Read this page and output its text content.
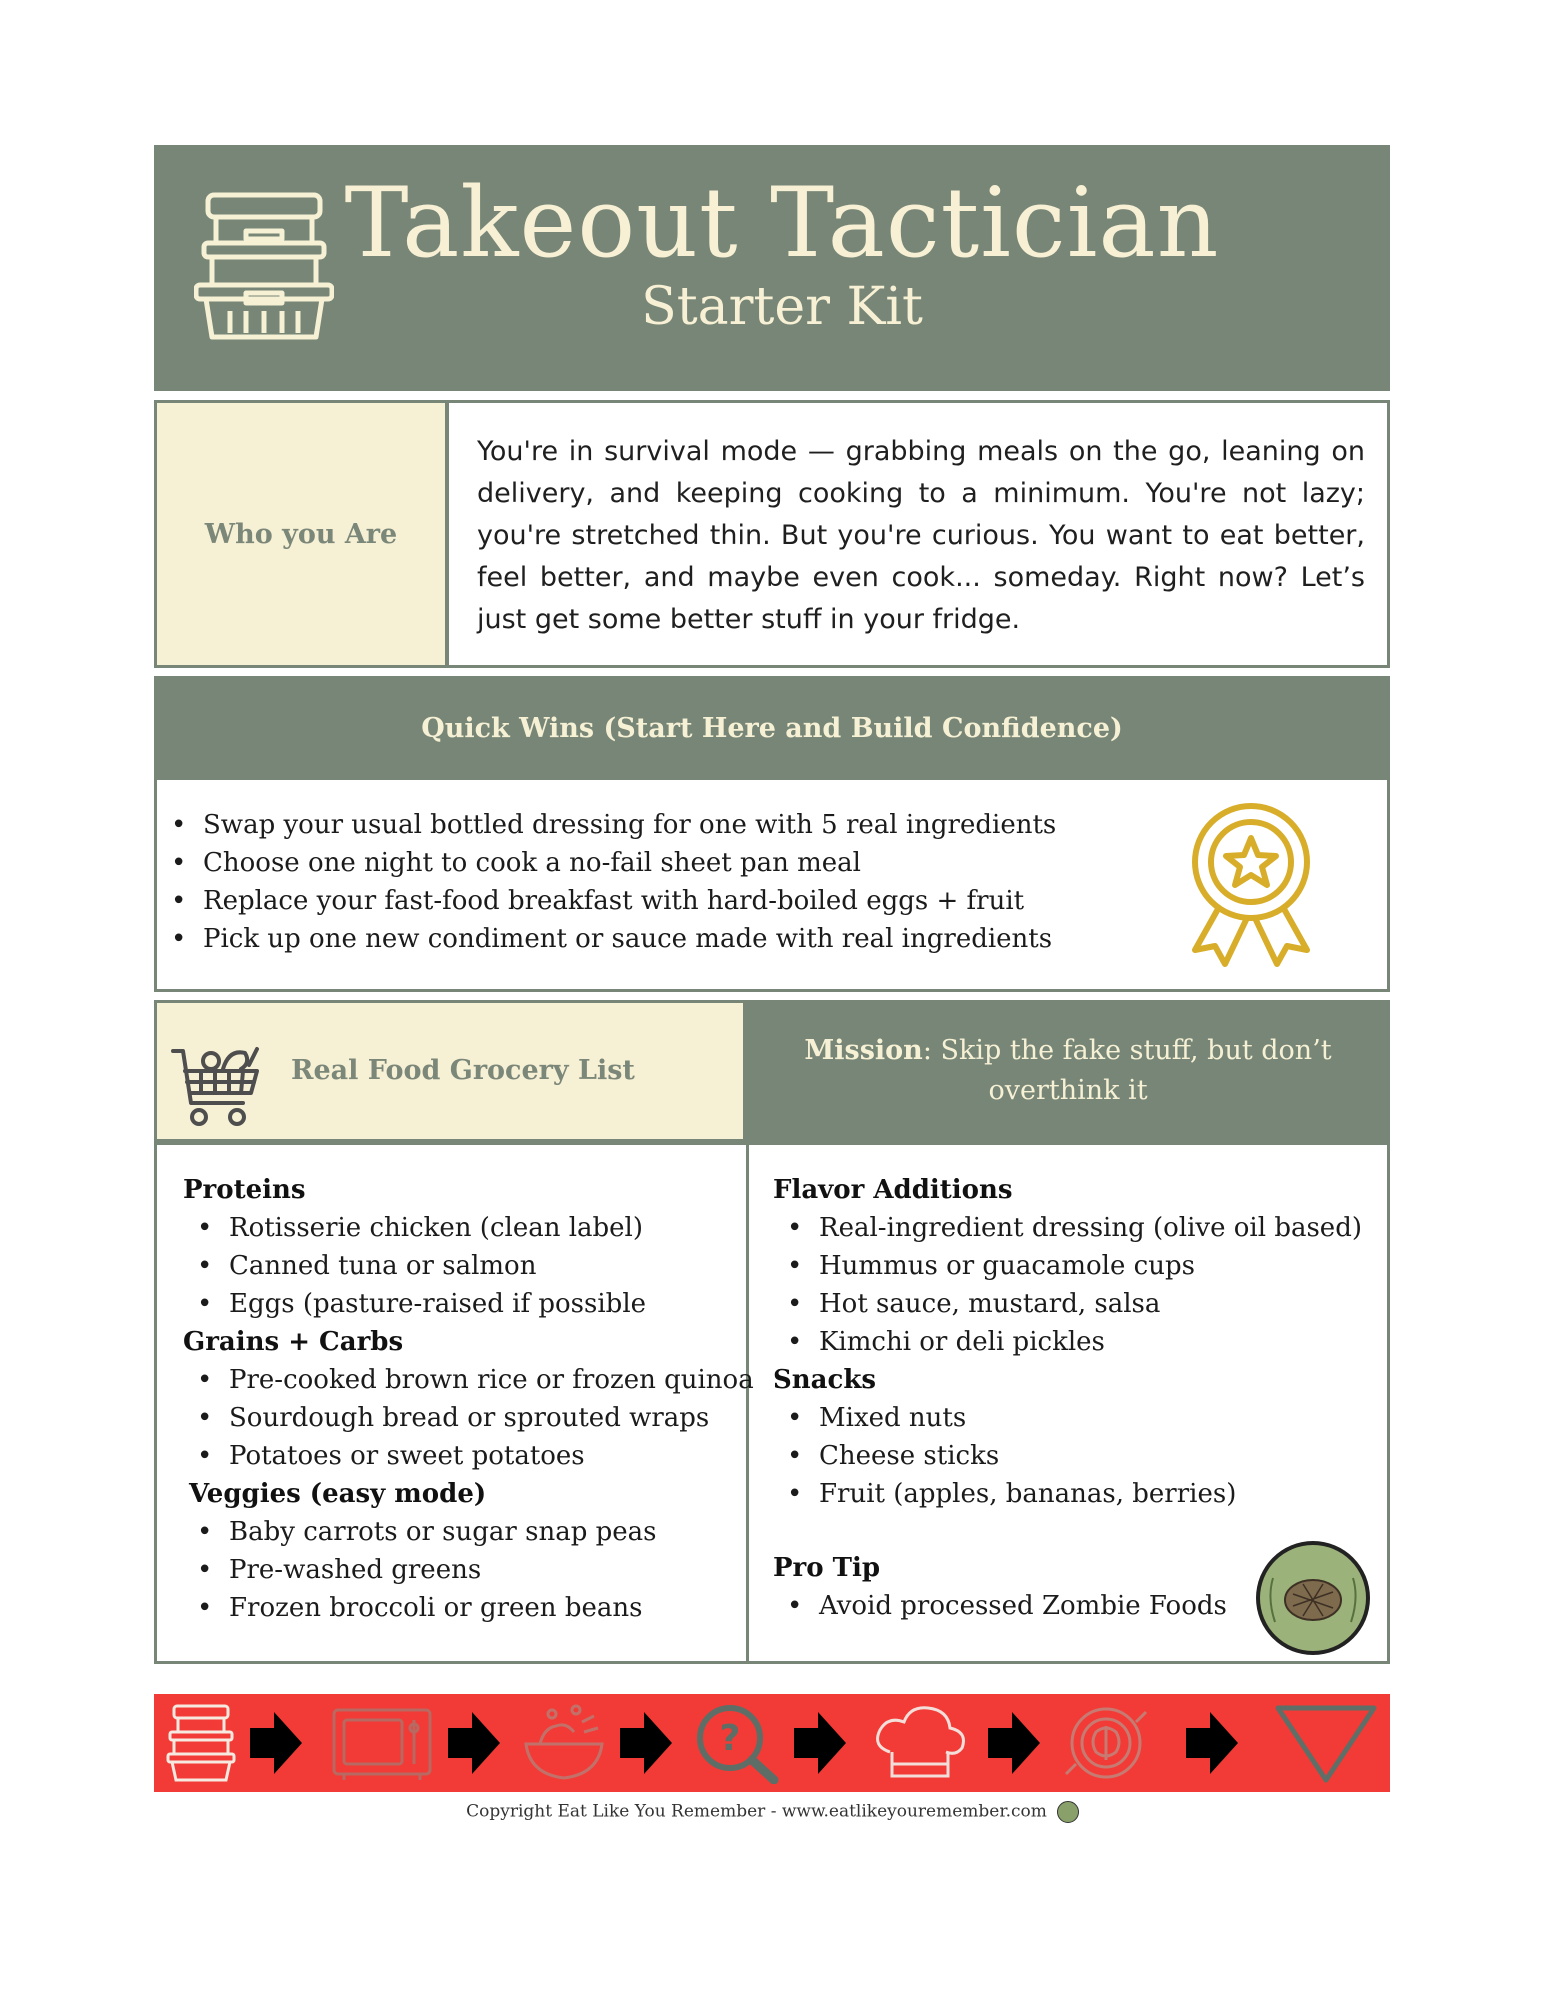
Takeout Tactician
Starter Kit
Who you Are
You're in survival mode — grabbing meals on the go, leaning on delivery, and keeping cooking to a minimum. You're not lazy; you're stretched thin. But you're curious. You want to eat better, feel better, and maybe even cook... someday. Right now? Let’s just get some better stuff in your fridge.
Quick Wins (Start Here and Build Confidence)
• Swap your usual bottled dressing for one with 5 real ingredients
• Choose one night to cook a no-fail sheet pan meal
• Replace your fast-food breakfast with hard-boiled eggs + fruit
• Pick up one new condiment or sauce made with real ingredients
Real Food Grocery List
Mission: Skip the fake stuff, but don’t overthink it
Proteins
• Rotisserie chicken (clean label)
• Canned tuna or salmon
• Eggs (pasture-raised if possible
Grains + Carbs
• Pre-cooked brown rice or frozen quinoa
• Sourdough bread or sprouted wraps
• Potatoes or sweet potatoes
Veggies (easy mode)
• Baby carrots or sugar snap peas
• Pre-washed greens
• Frozen broccoli or green beans
Flavor Additions
• Real-ingredient dressing (olive oil based)
• Hummus or guacamole cups
• Hot sauce, mustard, salsa
• Kimchi or deli pickles
Snacks
• Mixed nuts
• Cheese sticks
• Fruit (apples, bananas, berries)
Pro Tip
• Avoid processed Zombie Foods
?
Copyright Eat Like You Remember - www.eatlikeyouremember.com
